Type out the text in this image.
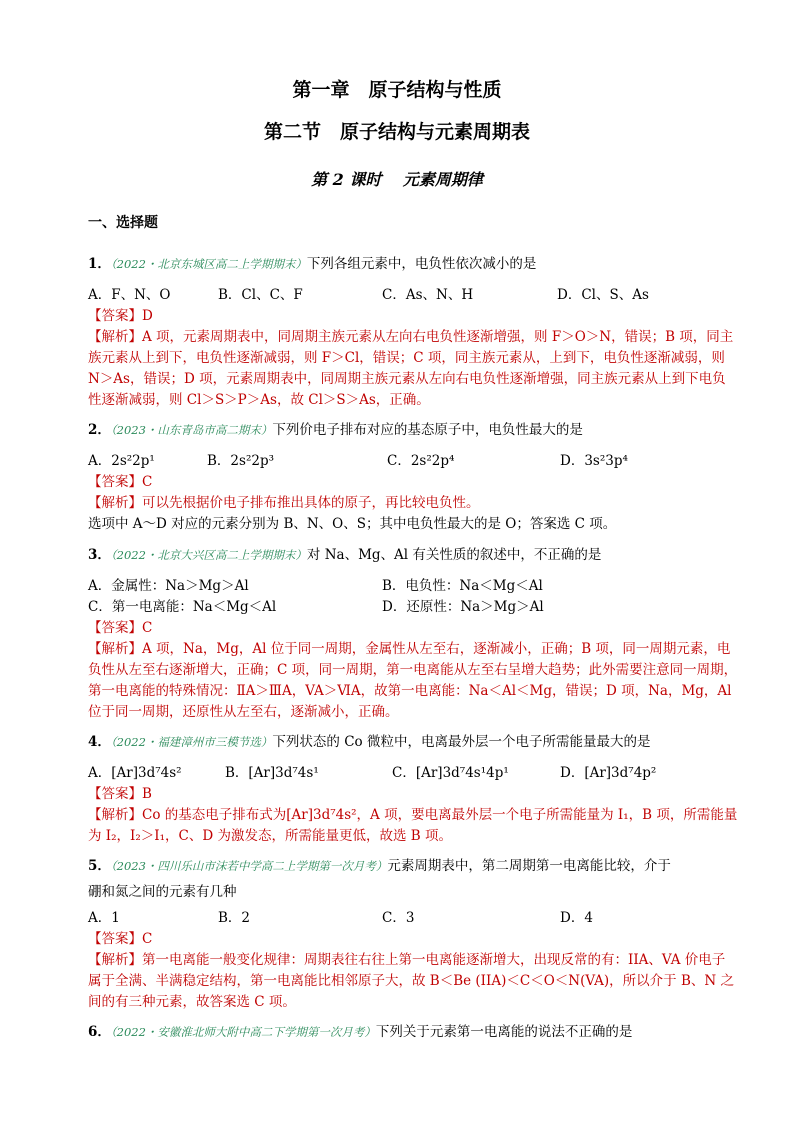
第一章　原子结构与性质
第二节　原子结构与元素周期表
第 2 课时　 元素周期律
一、选择题
1．（2022・北京东城区高二上学期期末）下列各组元素中，电负性依次减小的是
A．F、N、O	B．Cl、C、F	C．As、N、H	D．Cl、S、As
【答案】D
【解析】A 项，元素周期表中，同周期主族元素从左向右电负性逐渐增强，则 F＞O＞N，错误；B 项，同主族元素从上到下，电负性逐渐减弱，则 F＞Cl，错误；C 项，同主族元素从，上到下，电负性逐渐减弱，则 N＞As，错误；D 项，元素周期表中，同周期主族元素从左向右电负性逐渐增强，同主族元素从上到下电负性逐渐减弱，则 Cl＞S＞P＞As，故 Cl＞S＞As，正确。
2．（2023・山东青岛市高二期末）下列价电子排布对应的基态原子中，电负性最大的是
A．2s²2p¹	B．2s²2p³	C．2s²2p⁴	D．3s²3p⁴
【答案】C
【解析】可以先根据价电子排布推出具体的原子，再比较电负性。
选项中 A～D 对应的元素分别为 B、N、O、S；其中电负性最大的是 O；答案选 C 项。
3．（2022・北京大兴区高二上学期期末）对 Na、Mg、Al 有关性质的叙述中，不正确的是
A．金属性：Na＞Mg＞Al	B．电负性：Na＜Mg＜Al
C．第一电离能：Na＜Mg＜Al	D．还原性：Na＞Mg＞Al
【答案】C
【解析】A 项，Na，Mg，Al 位于同一周期，金属性从左至右，逐渐减小，正确；B 项，同一周期元素，电负性从左至右逐渐增大，正确；C 项，同一周期，第一电离能从左至右呈增大趋势；此外需要注意同一周期，第一电离能的特殊情况：ⅡA＞ⅢA，VA＞ⅥA，故第一电离能：Na＜Al＜Mg，错误；D 项，Na，Mg，Al 位于同一周期，还原性从左至右，逐渐减小，正确。
4．（2022・福建漳州市三模节选）下列状态的 Co 微粒中，电离最外层一个电子所需能量最大的是
A．[Ar]3d⁷4s²	B．[Ar]3d⁷4s¹	C．[Ar]3d⁷4s¹4p¹	D．[Ar]3d⁷4p²
【答案】B
【解析】Co 的基态电子排布式为[Ar]3d⁷4s²，A 项，要电离最外层一个电子所需能量为 I₁，B 项，所需能量为 I₂，I₂＞I₁，C、D 为激发态，所需能量更低，故选 B 项。
5．（2023・四川乐山市沫若中学高二上学期第一次月考）元素周期表中，第二周期第一电离能比较，介于
硼和氮之间的元素有几种
A．1	B．2	C．3	D．4
【答案】C
【解析】第一电离能一般变化规律：周期表往右往上第一电离能逐渐增大，出现反常的有：IIA、VA 价电子属于全满、半满稳定结构，第一电离能比相邻原子大，故 B＜Be (IIA)＜C＜O＜N(VA)，所以介于 B、N 之间的有三种元素，故答案选 C 项。
6．（2022・安徽淮北师大附中高二下学期第一次月考）下列关于元素第一电离能的说法不正确的是
